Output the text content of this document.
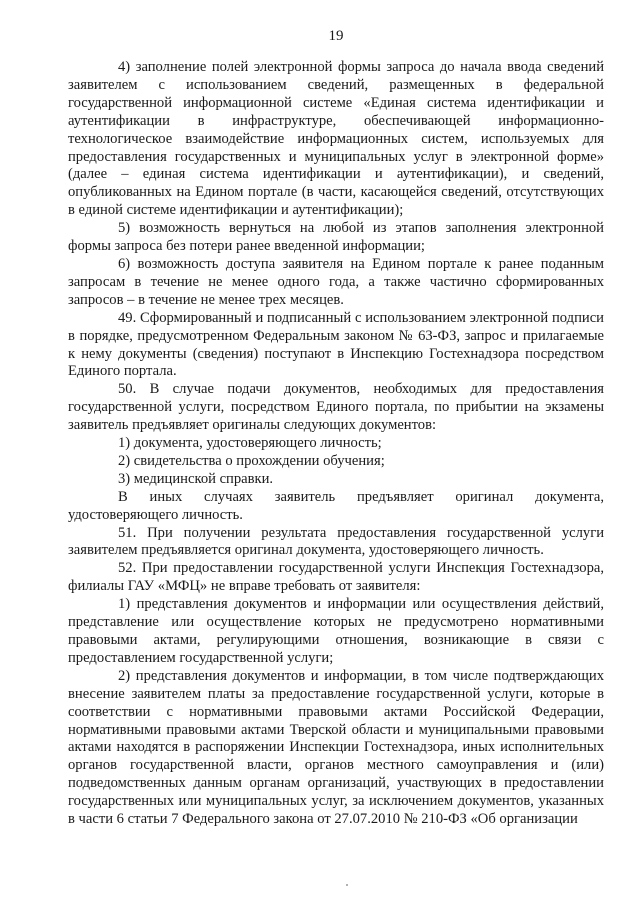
19

4) заполнение полей электронной формы запроса до начала ввода сведений заявителем с использованием сведений, размещенных в федеральной государственной информационной системе «Единая система идентификации и аутентификации в инфраструктуре, обеспечивающей информационно-технологическое взаимодействие информационных систем, используемых для предоставления государственных и муниципальных услуг в электронной форме» (далее – единая система идентификации и аутентификации), и сведений, опубликованных на Едином портале (в части, касающейся сведений, отсутствующих в единой системе идентификации и аутентификации);

5) возможность вернуться на любой из этапов заполнения электронной формы запроса без потери ранее введенной информации;

6) возможность доступа заявителя на Едином портале к ранее поданным запросам в течение не менее одного года, а также частично сформированных запросов – в течение не менее трех месяцев.

49. Сформированный и подписанный с использованием электронной подписи в порядке, предусмотренном Федеральным законом № 63-ФЗ, запрос и прилагаемые к нему документы (сведения) поступают в Инспекцию Гостехнадзора посредством Единого портала.

50. В случае подачи документов, необходимых для предоставления государственной услуги, посредством Единого портала, по прибытии на экзамены заявитель предъявляет оригиналы следующих документов:

1) документа, удостоверяющего личность;

2) свидетельства о прохождении обучения;

3) медицинской справки.

В иных случаях заявитель предъявляет оригинал документа, удостоверяющего личность.

51. При получении результата предоставления государственной услуги заявителем предъявляется оригинал документа, удостоверяющего личность.

52. При предоставлении государственной услуги Инспекция Гостехнадзора, филиалы ГАУ «МФЦ» не вправе требовать от заявителя:

1) представления документов и информации или осуществления действий, представление или осуществление которых не предусмотрено нормативными правовыми актами, регулирующими отношения, возникающие в связи с предоставлением государственной услуги;

2) представления документов и информации, в том числе подтверждающих внесение заявителем платы за предоставление государственной услуги, которые в соответствии с нормативными правовыми актами Российской Федерации, нормативными правовыми актами Тверской области и муниципальными правовыми актами находятся в распоряжении Инспекции Гостехнадзора, иных исполнительных органов государственной власти, органов местного самоуправления и (или) подведомственных данным органам организаций, участвующих в предоставлении государственных или муниципальных услуг, за исключением документов, указанных в части 6 статьи 7 Федерального закона от 27.07.2010 № 210-ФЗ «Об организации
